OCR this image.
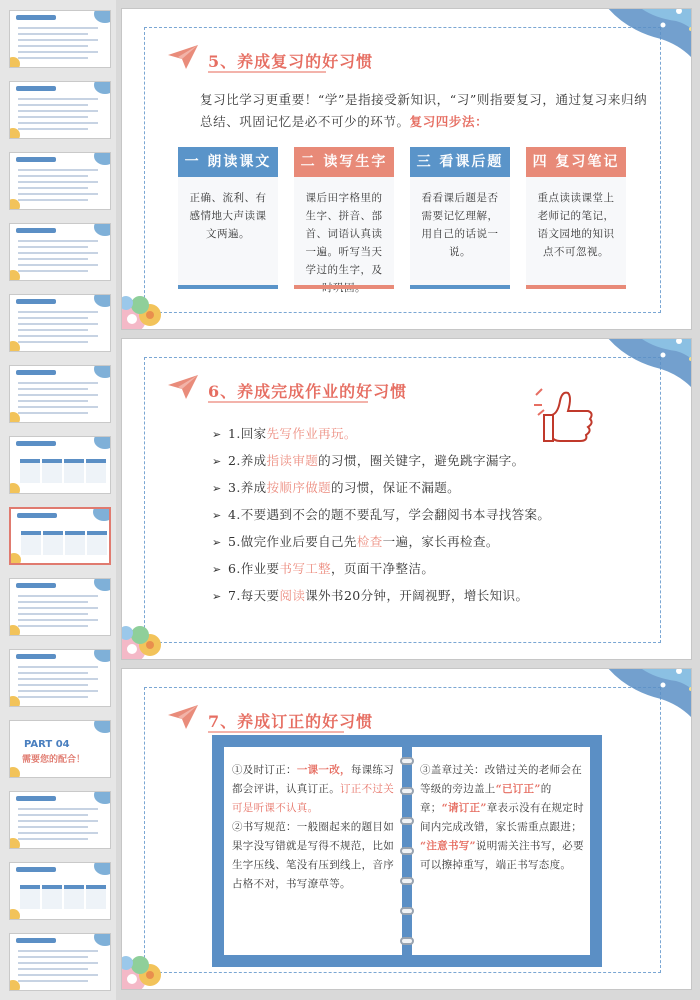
PART 04
需要您的配合！
5、养成复习的好习惯
复习比学习更重要！“学”是指接受新知识，“习”则指要复习，通过复习来归纳总结、巩固记忆是必不可少的环节。复习四步法：
一 朗读课文
正确、流利、有感情地大声读课文两遍。
二 读写生字
课后田字格里的生字、拼音、部首、词语认真读一遍。听写当天学过的生字，及
三 看课后题
看看课后题是否需要记忆理解，用自己的话说一说。
四 复习笔记
重点读读课堂上老师记的笔记，语文园地的知识点不可忽视。
6、养成完成作业的好习惯
➢ 1.回家先写作业再玩。
➢ 2.养成指读审题的习惯，圈关键字，避免跳字漏字。
➢ 3.养成按顺序做题的习惯，保证不漏题。
➢ 4.不要遇到不会的题不要乱写，学会翻阅书本寻找答案。
➢ 5.做完作业后要自己先检查一遍，家长再检查。
➢ 6.作业要书写工整，页面干净整洁。
➢ 7.每天要阅读课外书20分钟，开阔视野，增长知识。
7、养成订正的好习惯
①及时订正：一课一改，每课练习都会评讲，认真订正。订正不过关可是听课不认真。
②书写规范：一般圈起来的题目如果字没写错就是写得不规范，比如生字压线、笔没有压到线上，音序占格不对，书写潦草等。
③盖章过关：改错过关的老师会在等级的旁边盖上“已订正”的章；“请订正”章表示没有在规定时间内完成改错，家长需重点跟进；
“注意书写”说明需关注书写，必要可以擦掉重写，端正书写态度。
